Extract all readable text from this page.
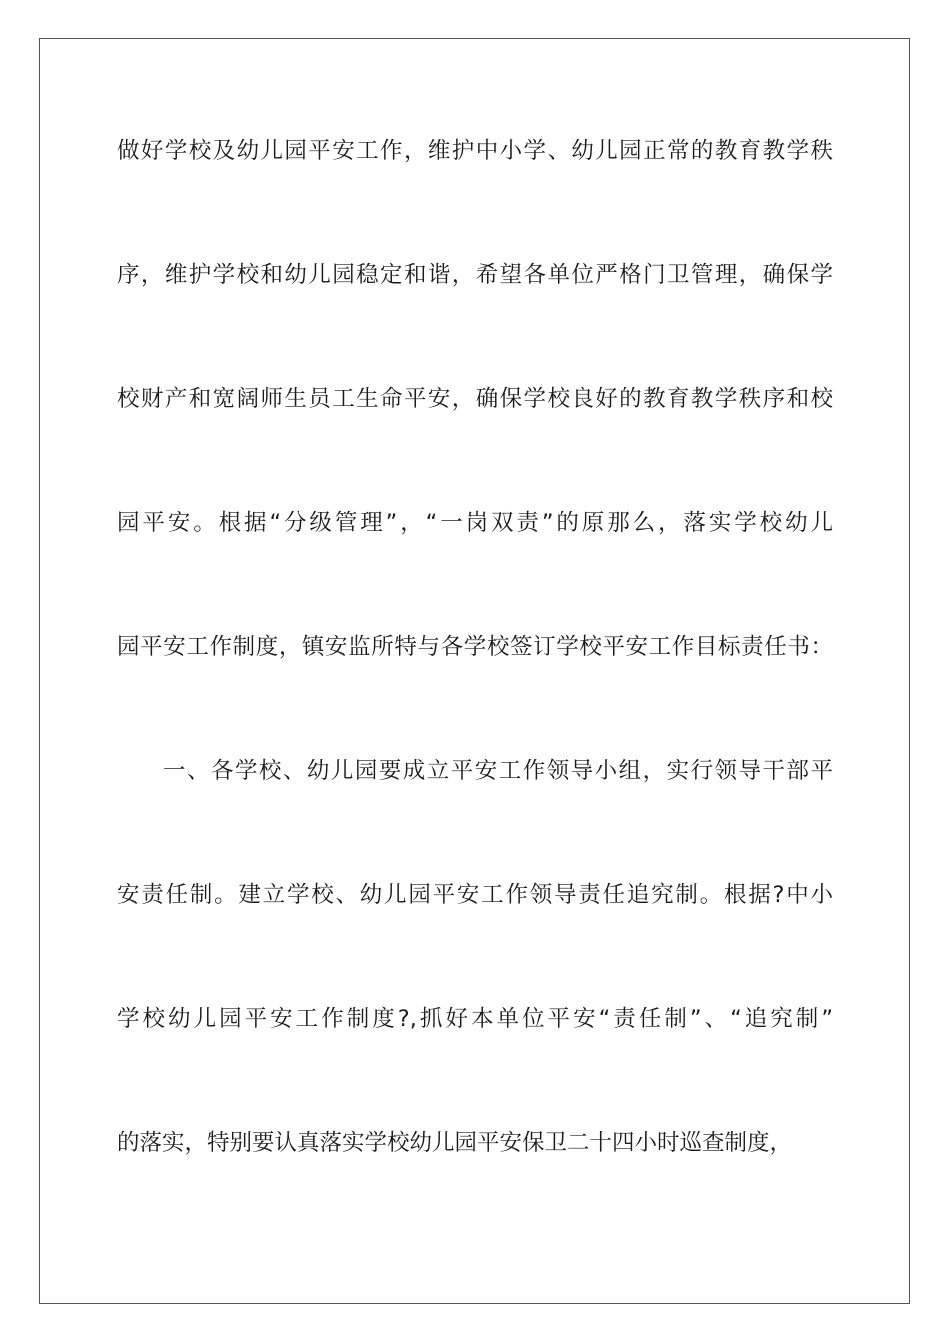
做好学校及幼儿园平安工作，维护中小学、幼儿园正常的教育教学秩
序，维护学校和幼儿园稳定和谐，希望各单位严格门卫管理，确保学
校财产和宽阔师生员工生命平安，确保学校良好的教育教学秩序和校
园平安。根据“分级管理”，“一岗双责”的原那么，落实学校幼儿
园平安工作制度，镇安监所特与各学校签订学校平安工作目标责任书：
一、各学校、幼儿园要成立平安工作领导小组，实行领导干部平
安责任制。建立学校、幼儿园平安工作领导责任追究制。根据?中小
学校幼儿园平安工作制度?,抓好本单位平安“责任制”、“追究制”
的落实，特别要认真落实学校幼儿园平安保卫二十四小时巡查制度，
